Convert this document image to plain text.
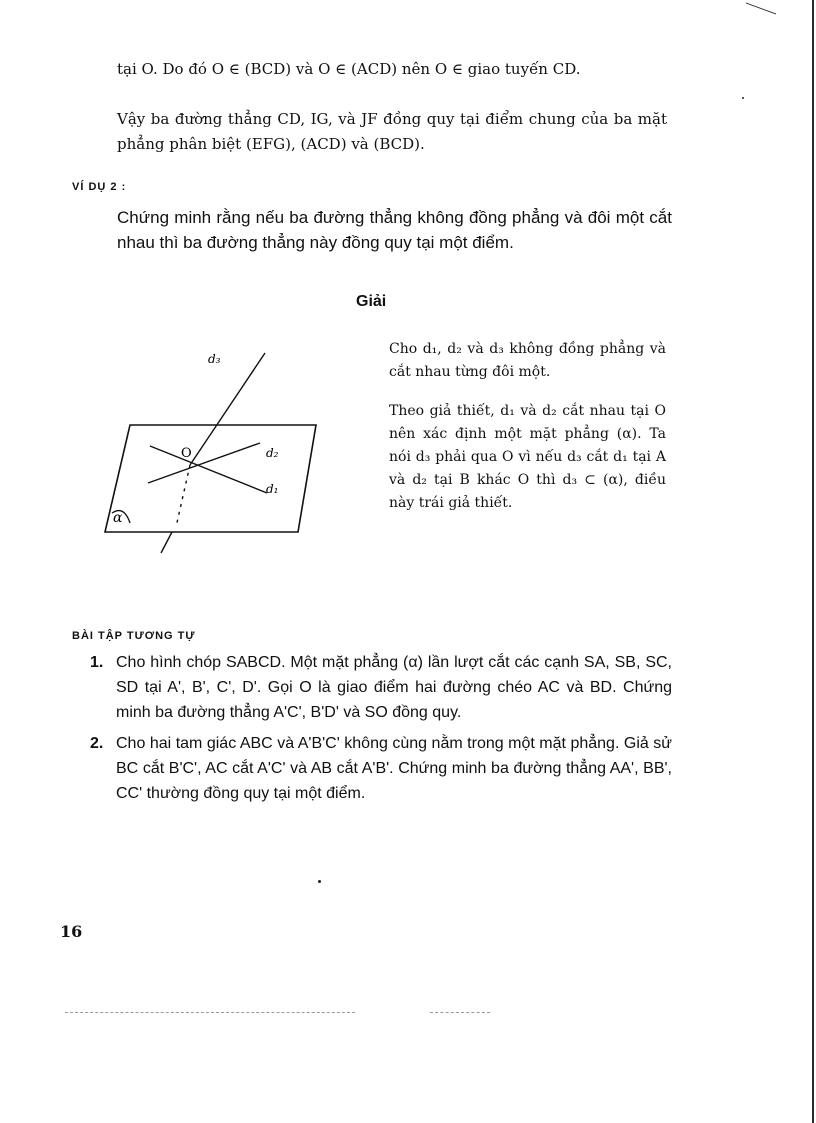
tại O. Do đó O ∈ (BCD) và O ∈ (ACD) nên O ∈ giao tuyến CD.

Vậy ba đường thẳng CD, IG, và JF đồng quy tại điểm chung của ba mặt phẳng phân biệt (EFG), (ACD) và (BCD).

VÍ DỤ 2 :

Chứng minh rằng nếu ba đường thẳng không đồng phẳng và đôi một cắt nhau thì ba đường thẳng này đồng quy tại một điểm.

Giải

d₃
d₂
d₁
O
α

Cho d₁, d₂ và d₃ không đồng phẳng và cắt nhau từng đôi một.

Theo giả thiết, d₁ và d₂ cắt nhau tại O nên xác định một mặt phẳng (α). Ta nói d₃ phải qua O vì nếu d₃ cắt d₁ tại A và d₂ tại B khác O thì d₃ ⊂ (α), điều này trái giả thiết.

BÀI TẬP TƯƠNG TỰ

1. Cho hình chóp SABCD. Một mặt phẳng (α) lần lượt cắt các cạnh SA, SB, SC, SD tại A', B', C', D'. Gọi O là giao điểm hai đường chéo AC và BD. Chứng minh ba đường thẳng A'C', B'D' và SO đồng quy.
2. Cho hai tam giác ABC và A'B'C' không cùng nằm trong một mặt phẳng. Giả sử BC cắt B'C', AC cắt A'C' và AB cắt A'B'. Chứng minh ba đường thẳng AA', BB', CC' thường đồng quy tại một điểm.
16
